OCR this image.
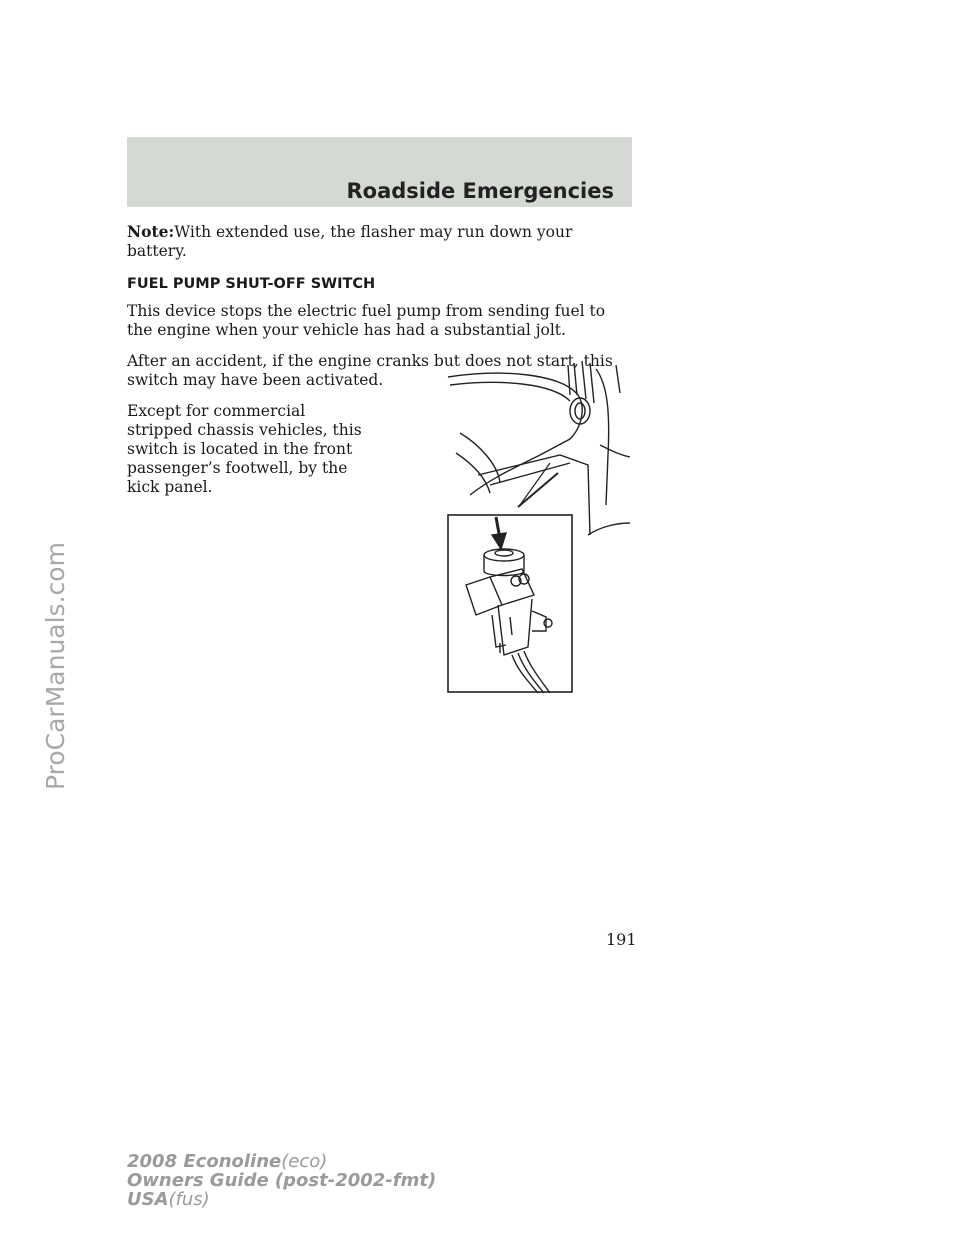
Roadside Emergencies

Note:With extended use, the flasher may run down your battery.

FUEL PUMP SHUT-OFF SWITCH

This device stops the electric fuel pump from sending fuel to the engine when your vehicle has had a substantial jolt.

After an accident, if the engine cranks but does not start, this switch may have been activated.

Except for commercial stripped chassis vehicles, this switch is located in the front passenger’s footwell, by the kick panel.

191
2008 Econoline(eco)
Owners Guide (post-2002-fmt)
USA(fus)
ProCarManuals.com
